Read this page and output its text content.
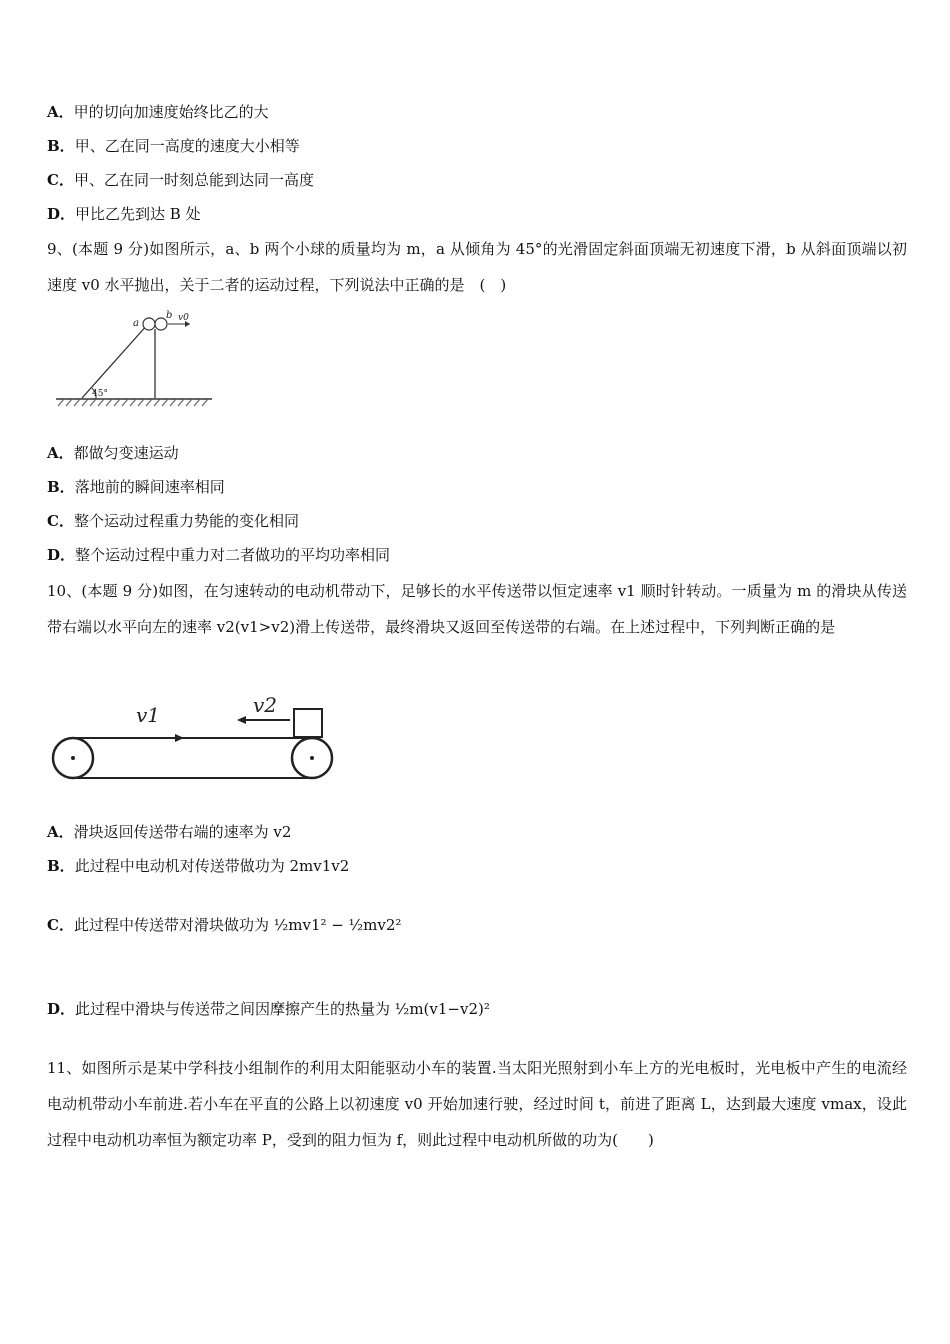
A．甲的切向加速度始终比乙的大
B．甲、乙在同一高度的速度大小相等
C．甲、乙在同一时刻总能到达同一高度
D．甲比乙先到达 B 处
9、(本题 9 分)如图所示，a、b 两个小球的质量均为 m，a 从倾角为 45°的光滑固定斜面顶端无初速度下滑，b 从斜面顶端以初速度 v0 水平抛出，关于二者的运动过程，下列说法中正确的是　(　)
45°
a
b v0
A．都做匀变速运动
B．落地前的瞬间速率相同
C．整个运动过程重力势能的变化相同
D．整个运动过程中重力对二者做功的平均功率相同
10、(本题 9 分)如图，在匀速转动的电动机带动下，足够长的水平传送带以恒定速率 v1 顺时针转动。一质量为 m 的滑块从传送带右端以水平向左的速率 v2(v1>v2)滑上传送带，最终滑块又返回至传送带的右端。在上述过程中，下列判断正确的是
v1	v2
A．滑块返回传送带右端的速率为 v2
B．此过程中电动机对传送带做功为 2mv1v2
C．此过程中传送带对滑块做功为 ½mv1² − ½mv2²
D．此过程中滑块与传送带之间因摩擦产生的热量为 ½m(v1−v2)²
11、如图所示是某中学科技小组制作的利用太阳能驱动小车的装置.当太阳光照射到小车上方的光电板时，光电板中产生的电流经电动机带动小车前进.若小车在平直的公路上以初速度 v0 开始加速行驶，经过时间 t，前进了距离 L，达到最大速度 vmax，设此过程中电动机功率恒为额定功率 P，受到的阻力恒为 f，则此过程中电动机所做的功为(　　)
